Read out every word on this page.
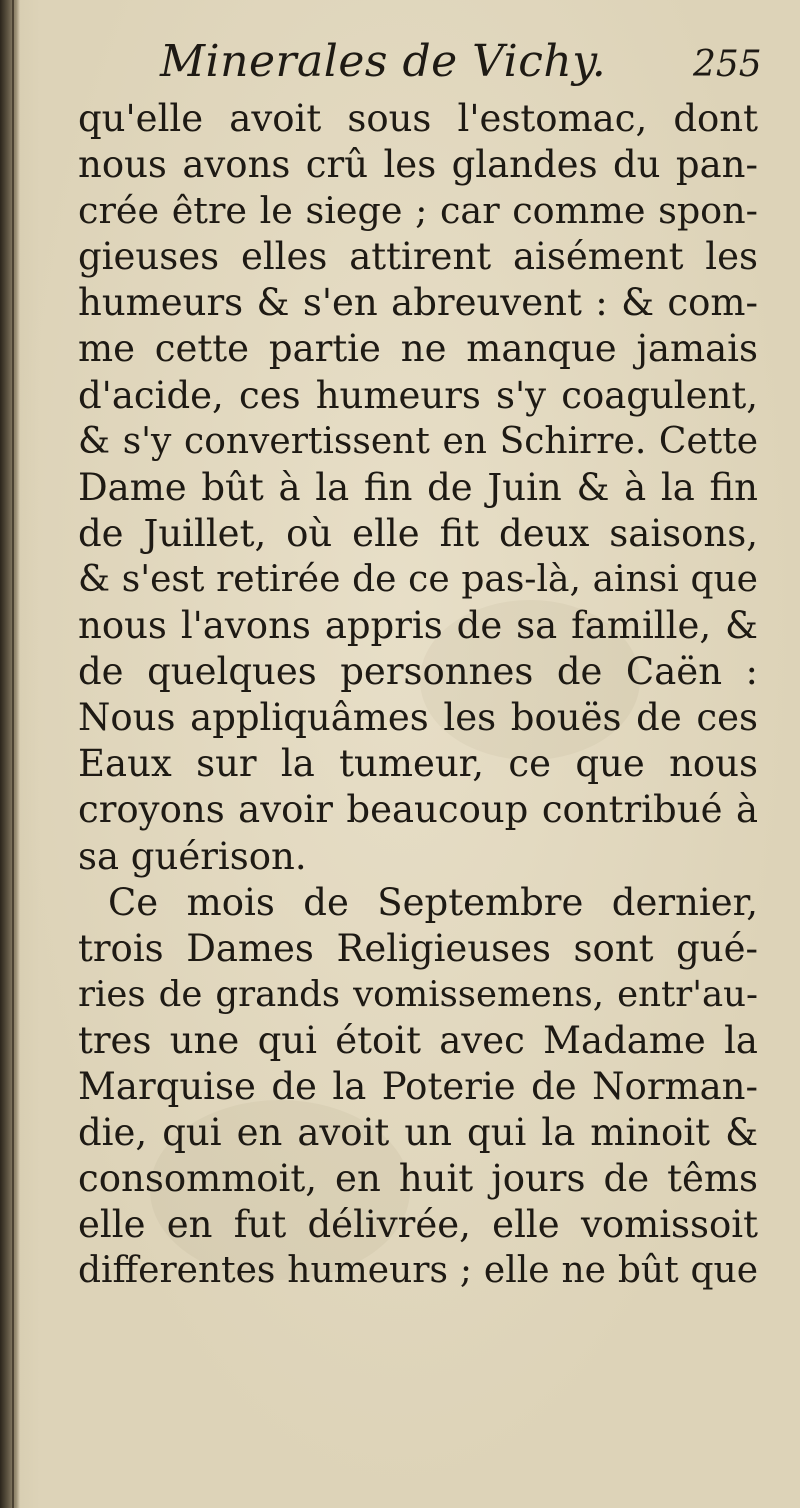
Minerales de Vichy. 255
qu'elle avoit sous l'estomac, dont
nous avons crû les glandes du pan-
crée être le siege ; car comme spon-
gieuses elles attirent aisément les
humeurs & s'en abreuvent : & com-
me cette partie ne manque jamais
d'acide, ces humeurs s'y coagulent,
& s'y convertissent en Schirre. Cette
Dame bût à la fin de Juin & à la fin
de Juillet, où elle fit deux saisons,
& s'est retirée de ce pas-là, ainsi que
nous l'avons appris de sa famille, &
de quelques personnes de Caën :
Nous appliquâmes les bouës de ces
Eaux sur la tumeur, ce que nous
croyons avoir beaucoup contribué à
sa guérison.
Ce mois de Septembre dernier,
trois Dames Religieuses sont gué-
ries de grands vomissemens, entr'au-
tres une qui étoit avec Madame la
Marquise de la Poterie de Norman-
die, qui en avoit un qui la minoit &
consommoit, en huit jours de têms
elle en fut délivrée, elle vomissoit
differentes humeurs ; elle ne bût que
